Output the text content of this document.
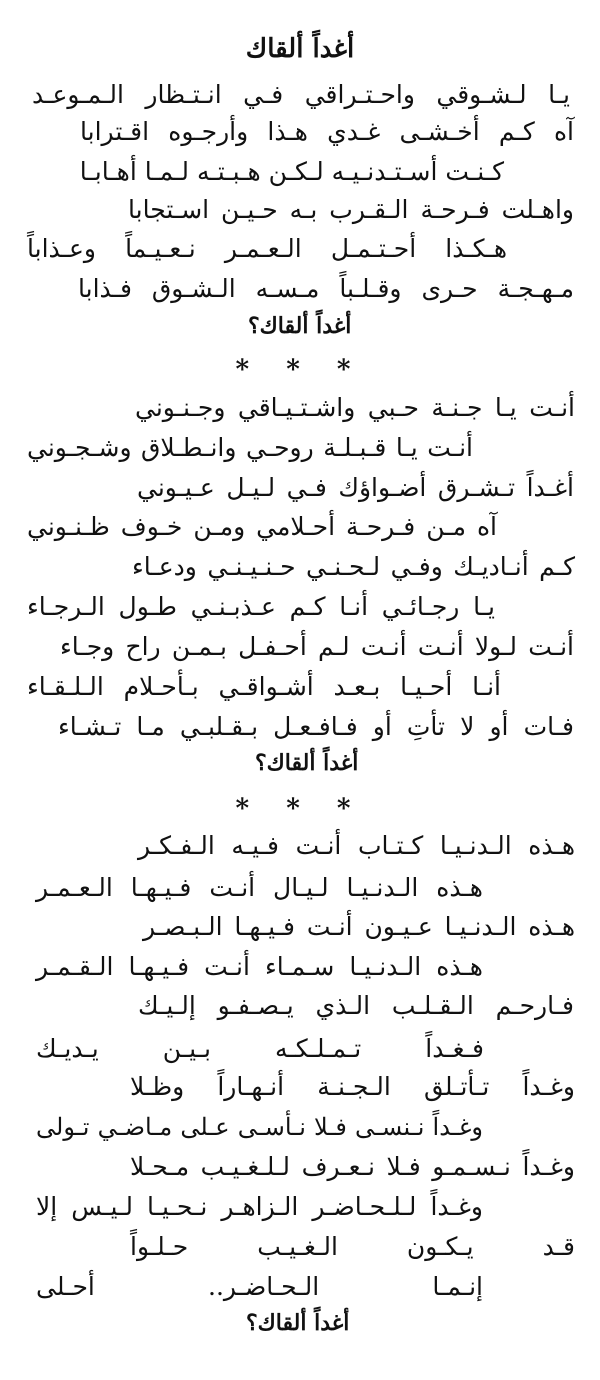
أغداً ألقاك
يـا لـشـوقي واحـتـراقي فـي انـتـظار الـمـوعـد
آه كـم أخـشـى غـدي هـذا وأرجـوه اقـترابا
كـنـت أسـتـدنـيـه لـكـن هـبـتـه لـمـا أهـابـا
واهـلت فـرحـة الـقـرب بـه حـيـن اسـتجابا
هـكـذا أحـتـمـل الـعـمـر نـعـيـماً وعـذاباً
مـهـجـة حـرى وقـلـباً مـسـه الـشـوق فـذابا
أغداً ألقاك؟
* * *
أنـت يـا جـنـة حـبي واشـتـيـاقي وجـنـوني
أنـت يـا قـبـلـة روحـي وانـطـلاق وشـجـوني
أغـداً تـشـرق أضـواؤك فـي لـيـل عـيـوني
آه مـن فـرحـة أحـلامي ومـن خـوف ظـنـوني
كـم أنـاديـك وفـي لـحـنـي حـنـيـنـي ودعـاء
يـا رجـائـي أنـا كـم عـذبـنـي طـول الـرجـاء
أنـت لـولا أنـت أنـت لـم أحـفـل بـمـن راح وجـاء
أنـا أحـيـا بـعـد أشـواقـي بـأحـلام الـلـقـاء
فـات أو لا تأتِ أو فـافـعـل بـقـلبـي مـا تـشـاء
أغداً ألقاك؟
* * *
هـذه الـدنـيـا كـتـاب أنـت فـيـه الـفـكـر
هـذه الـدنـيـا لـيـال أنـت فـيـهـا الـعـمـر
هـذه الـدنـيـا عـيـون أنـت فـيـهـا الـبـصـر
هـذه الـدنـيـا سـمـاء أنـت فـيـهـا الـقـمـر
فـارحـم الـقـلـب الـذي يـصـفـو إلـيـك
فـغـداً تـمـلـكـه بـيـن يـديـك
وغـداً تـأتـلق الـجـنـة أنـهـاراً وظـلا
وغـداً نـنسـى فـلا نـأسـى عـلى مـاضـي تـولى
وغـداً نـسـمـو فـلا نـعـرف لـلـغـيـب مـحـلا
وغـداً لـلـحـاضـر الـزاهـر نـحـيـا لـيـس إلا
قـد يـكـون الـغـيـب حـلـواً
إنـمـا الـحـاضـر.. أحـلى
أغداً ألقاك؟
